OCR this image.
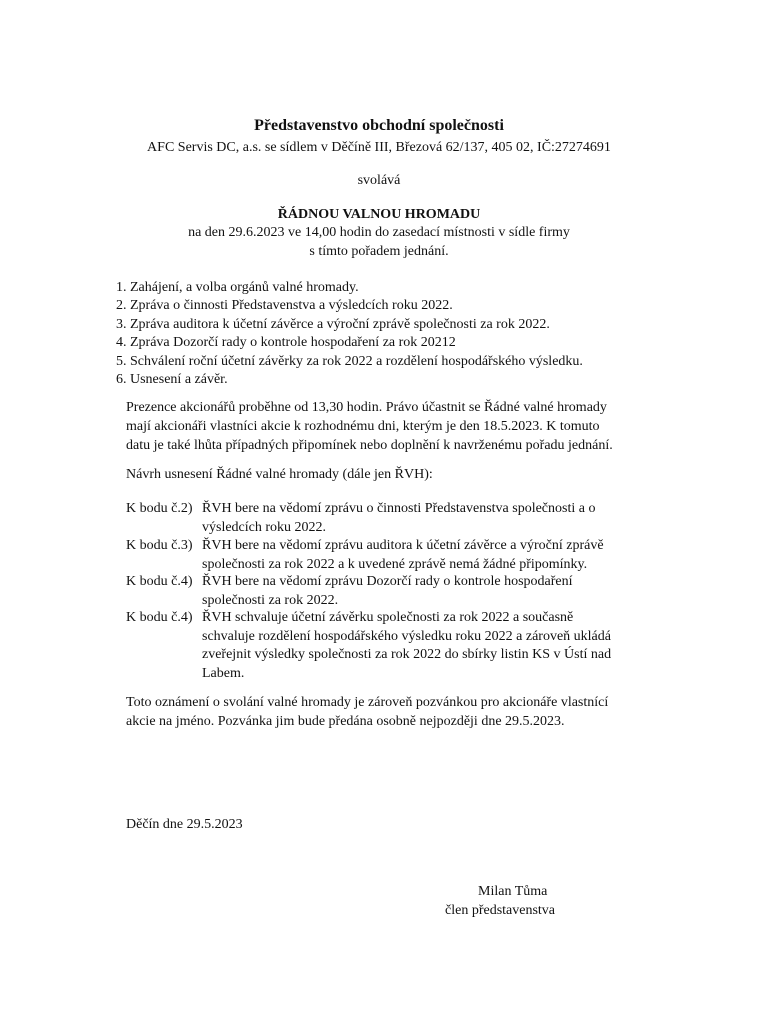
Představenstvo obchodní společnosti

AFC Servis DC, a.s. se sídlem v Děčíně III, Březová 62/137, 405 02, IČ:27274691

svolává

ŘÁDNOU VALNOU HROMADU

na den 29.6.2023 ve 14,00 hodin do zasedací místnosti v sídle firmy

s tímto pořadem jednání.

1. Zahájení, a volba orgánů valné hromady.
2. Zpráva o činnosti Představenstva a výsledcích roku 2022.
3. Zpráva auditora k účetní závěrce a výroční zprávě společnosti za rok 2022.
4. Zpráva Dozorčí rady o kontrole hospodaření za rok 20212
5. Schválení roční účetní závěrky za rok 2022 a rozdělení hospodářského výsledku.
6. Usnesení a závěr.
Prezence akcionářů proběhne od 13,30 hodin. Právo účastnit se Řádné valné hromady
mají akcionáři vlastníci akcie k rozhodnému dni, kterým je den 18.5.2023. K tomuto
datu je také lhůta případných připomínek nebo doplnění k navrženému pořadu jednání.

Návrh usnesení Řádné valné hromady (dále jen ŘVH):

K bodu č.2) ŘVH bere na vědomí zprávu o činnosti Představenstva společnosti a o
výsledcích roku 2022.
K bodu č.3) ŘVH bere na vědomí zprávu auditora k účetní závěrce a výroční zprávě
společnosti za rok 2022 a k uvedené zprávě nemá žádné připomínky.
K bodu č.4) ŘVH bere na vědomí zprávu Dozorčí rady o kontrole hospodaření
společnosti za rok 2022.
K bodu č.4) ŘVH schvaluje účetní závěrku společnosti za rok 2022 a současně
schvaluje rozdělení hospodářského výsledku roku 2022 a zároveň ukládá
zveřejnit výsledky společnosti za rok 2022 do sbírky listin KS v Ústí nad
Labem.
Toto oznámení o svolání valné hromady je zároveň pozvánkou pro akcionáře vlastnící
akcie na jméno. Pozvánka jim bude předána osobně nejpozději dne 29.5.2023.

Děčín dne 29.5.2023

Milan Tůma

člen představenstva
